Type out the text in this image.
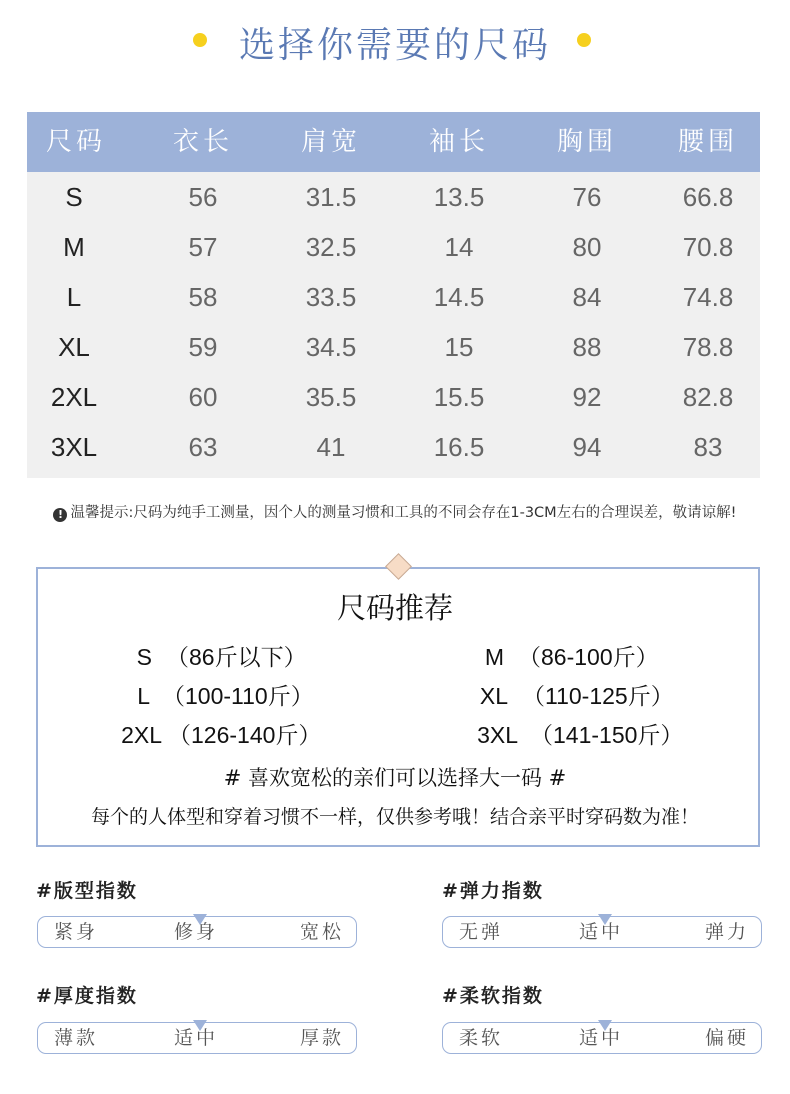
选择你需要的尺码
尺码	衣长	肩宽	袖长	胸围	腰围
S	56	31.5	13.5	76	66.8
M	57	32.5	14	80	70.8
L	58	33.5	14.5	84	74.8
XL	59	34.5	15	88	78.8
2XL	60	35.5	15.5	92	82.8
3XL	63	41	16.5	94	83
! 温馨提示:尺码为纯手工测量，因个人的测量习惯和工具的不同会存在1-3CM左右的合理误差，敬请谅解!
尺码推荐
S （86斤以下）	M （86-100斤）
L （100-110斤）	XL （110-125斤）
2XL （126-140斤）	3XL （141-150斤）
# 喜欢宽松的亲们可以选择大一码 #
每个的人体型和穿着习惯不一样，仅供参考哦！结合亲平时穿码数为准！
#版型指数
紧身	修身	宽松
#弹力指数
无弹	适中	弹力
#厚度指数
薄款	适中	厚款
#柔软指数
柔软	适中	偏硬
